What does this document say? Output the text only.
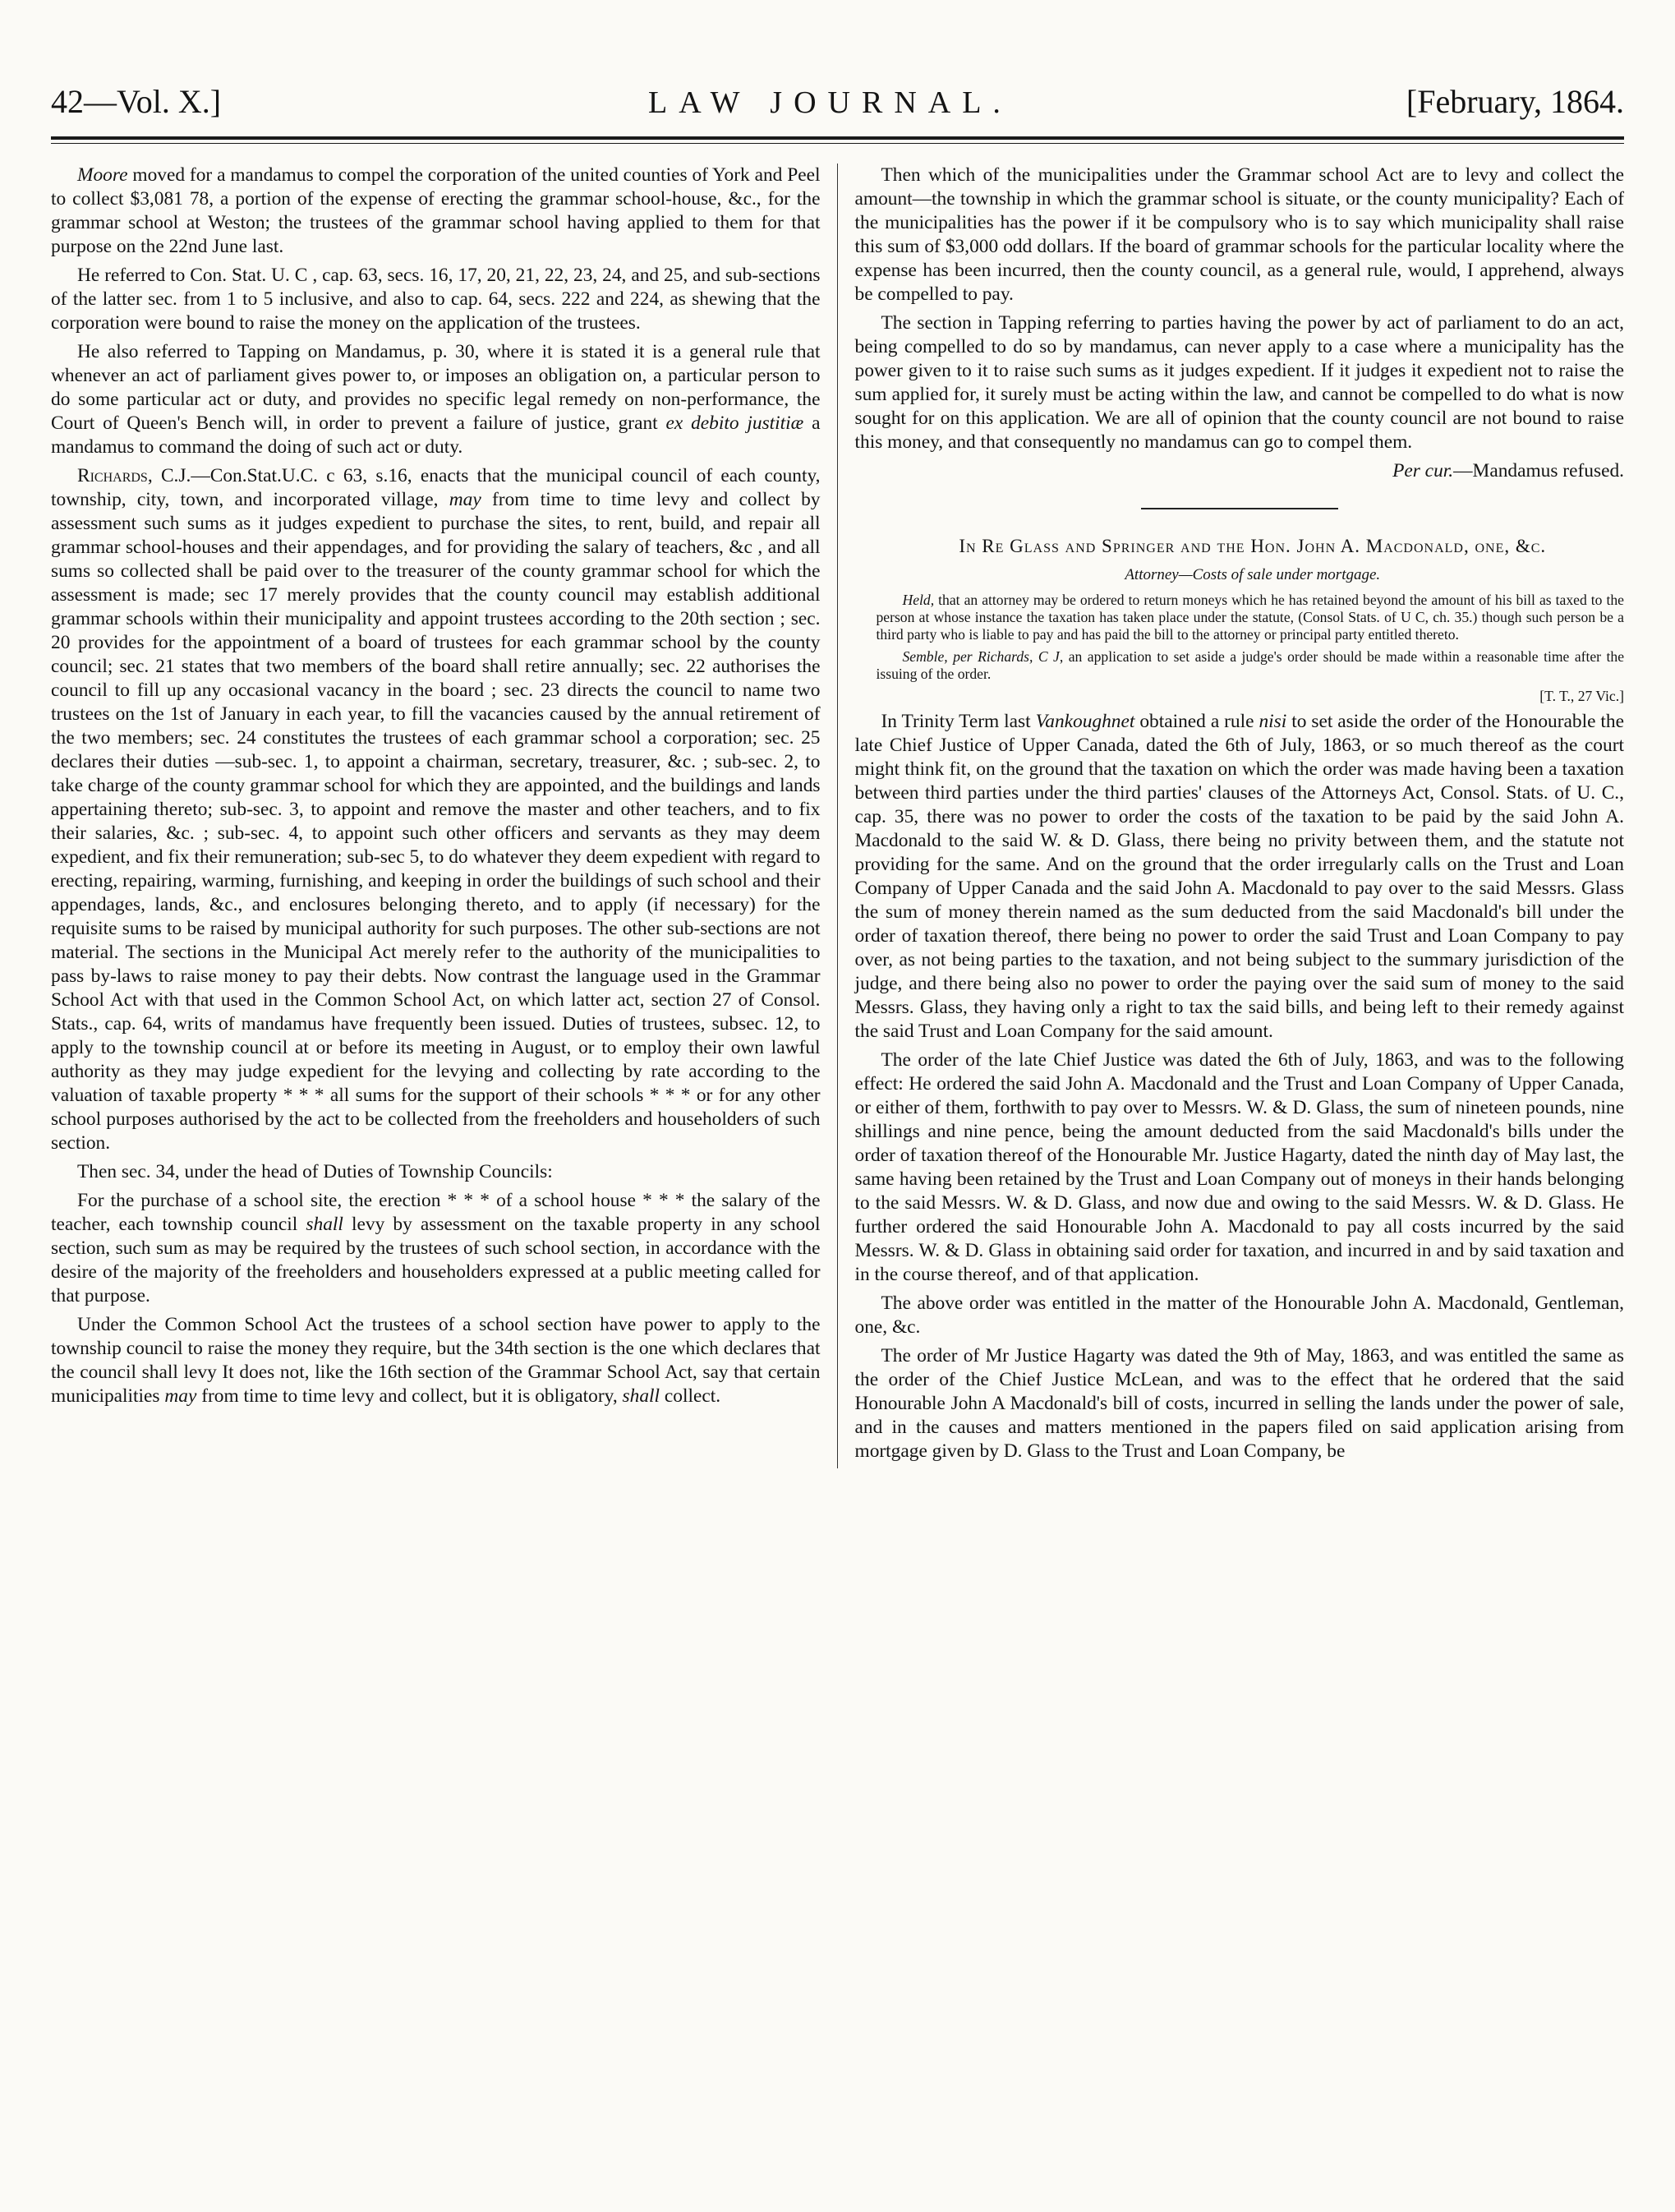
42—Vol. X.]	LAW JOURNAL.	[February, 1864.

Moore moved for a mandamus to compel the corporation of the united counties of York and Peel to collect $3,081 78, a portion of the expense of erecting the grammar school-house, &c., for the grammar school at Weston; the trustees of the grammar school having applied to them for that purpose on the 22nd June last.

He referred to Con. Stat. U. C , cap. 63, secs. 16, 17, 20, 21, 22, 23, 24, and 25, and sub-sections of the latter sec. from 1 to 5 inclusive, and also to cap. 64, secs. 222 and 224, as shewing that the corporation were bound to raise the money on the application of the trustees.

He also referred to Tapping on Mandamus, p. 30, where it is stated it is a general rule that whenever an act of parliament gives power to, or imposes an obligation on, a particular person to do some particular act or duty, and provides no specific legal remedy on non-performance, the Court of Queen's Bench will, in order to prevent a failure of justice, grant ex debito justitiæ a mandamus to command the doing of such act or duty.

Richards, C.J.—Con.Stat.U.C. c 63, s.16, enacts that the municipal council of each county, township, city, town, and incorporated village, may from time to time levy and collect by assessment such sums as it judges expedient to purchase the sites, to rent, build, and repair all grammar school-houses and their appendages, and for providing the salary of teachers, &c , and all sums so collected shall be paid over to the treasurer of the county grammar school for which the assessment is made; sec 17 merely provides that the county council may establish additional grammar schools within their municipality and appoint trustees according to the 20th section ; sec. 20 provides for the appointment of a board of trustees for each grammar school by the county council; sec. 21 states that two members of the board shall retire annually; sec. 22 authorises the council to fill up any occasional vacancy in the board ; sec. 23 directs the council to name two trustees on the 1st of January in each year, to fill the vacancies caused by the annual retirement of the two members; sec. 24 constitutes the trustees of each grammar school a corporation; sec. 25 declares their duties —sub-sec. 1, to appoint a chairman, secretary, treasurer, &c. ; sub-sec. 2, to take charge of the county grammar school for which they are appointed, and the buildings and lands appertaining thereto; sub-sec. 3, to appoint and remove the master and other teachers, and to fix their salaries, &c. ; sub-sec. 4, to appoint such other officers and servants as they may deem expedient, and fix their remuneration; sub-sec 5, to do whatever they deem expedient with regard to erecting, repairing, warming, furnishing, and keeping in order the buildings of such school and their appendages, lands, &c., and enclosures belonging thereto, and to apply (if necessary) for the requisite sums to be raised by municipal authority for such purposes. The other sub-sections are not material. The sections in the Municipal Act merely refer to the authority of the municipalities to pass by-laws to raise money to pay their debts. Now contrast the language used in the Grammar School Act with that used in the Common School Act, on which latter act, section 27 of Consol. Stats., cap. 64, writs of mandamus have frequently been issued. Duties of trustees, subsec. 12, to apply to the township council at or before its meeting in August, or to employ their own lawful authority as they may judge expedient for the levying and collecting by rate according to the valuation of taxable property * * * all sums for the support of their schools * * * or for any other school purposes authorised by the act to be collected from the freeholders and householders of such section.

Then sec. 34, under the head of Duties of Township Councils:

For the purchase of a school site, the erection * * * of a school house * * * the salary of the teacher, each township council shall levy by assessment on the taxable property in any school section, such sum as may be required by the trustees of such school section, in accordance with the desire of the majority of the freeholders and householders expressed at a public meeting called for that purpose.

Under the Common School Act the trustees of a school section have power to apply to the township council to raise the money they require, but the 34th section is the one which declares that the council shall levy It does not, like the 16th section of the Grammar School Act, say that certain municipalities may from time to time levy and collect, but it is obligatory, shall collect.

Then which of the municipalities under the Grammar school Act are to levy and collect the amount—the township in which the grammar school is situate, or the county municipality? Each of the municipalities has the power if it be compulsory who is to say which municipality shall raise this sum of $3,000 odd dollars. If the board of grammar schools for the particular locality where the expense has been incurred, then the county council, as a general rule, would, I apprehend, always be compelled to pay.

The section in Tapping referring to parties having the power by act of parliament to do an act, being compelled to do so by mandamus, can never apply to a case where a municipality has the power given to it to raise such sums as it judges expedient. If it judges it expedient not to raise the sum applied for, it surely must be acting within the law, and cannot be compelled to do what is now sought for on this application. We are all of opinion that the county council are not bound to raise this money, and that consequently no mandamus can go to compel them.

Per cur.—Mandamus refused.

In Re Glass and Springer and the Hon. John A. Macdonald, one, &c.

Attorney—Costs of sale under mortgage.

Held, that an attorney may be ordered to return moneys which he has retained beyond the amount of his bill as taxed to the person at whose instance the taxation has taken place under the statute, (Consol Stats. of U C, ch. 35.) though such person be a third party who is liable to pay and has paid the bill to the attorney or principal party entitled thereto.

Semble, per Richards, C J, an application to set aside a judge's order should be made within a reasonable time after the issuing of the order.

[T. T., 27 Vic.]

In Trinity Term last Vankoughnet obtained a rule nisi to set aside the order of the Honourable the late Chief Justice of Upper Canada, dated the 6th of July, 1863, or so much thereof as the court might think fit, on the ground that the taxation on which the order was made having been a taxation between third parties under the third parties' clauses of the Attorneys Act, Consol. Stats. of U. C., cap. 35, there was no power to order the costs of the taxation to be paid by the said John A. Macdonald to the said W. & D. Glass, there being no privity between them, and the statute not providing for the same. And on the ground that the order irregularly calls on the Trust and Loan Company of Upper Canada and the said John A. Macdonald to pay over to the said Messrs. Glass the sum of money therein named as the sum deducted from the said Macdonald's bill under the order of taxation thereof, there being no power to order the said Trust and Loan Company to pay over, as not being parties to the taxation, and not being subject to the summary jurisdiction of the judge, and there being also no power to order the paying over the said sum of money to the said Messrs. Glass, they having only a right to tax the said bills, and being left to their remedy against the said Trust and Loan Company for the said amount.

The order of the late Chief Justice was dated the 6th of July, 1863, and was to the following effect: He ordered the said John A. Macdonald and the Trust and Loan Company of Upper Canada, or either of them, forthwith to pay over to Messrs. W. & D. Glass, the sum of nineteen pounds, nine shillings and nine pence, being the amount deducted from the said Macdonald's bills under the order of taxation thereof of the Honourable Mr. Justice Hagarty, dated the ninth day of May last, the same having been retained by the Trust and Loan Company out of moneys in their hands belonging to the said Messrs. W. & D. Glass, and now due and owing to the said Messrs. W. & D. Glass. He further ordered the said Honourable John A. Macdonald to pay all costs incurred by the said Messrs. W. & D. Glass in obtaining said order for taxation, and incurred in and by said taxation and in the course thereof, and of that application.

The above order was entitled in the matter of the Honourable John A. Macdonald, Gentleman, one, &c.

The order of Mr Justice Hagarty was dated the 9th of May, 1863, and was entitled the same as the order of the Chief Justice McLean, and was to the effect that he ordered that the said Honourable John A Macdonald's bill of costs, incurred in selling the lands under the power of sale, and in the causes and matters mentioned in the papers filed on said application arising from mortgage given by D. Glass to the Trust and Loan Company, be
